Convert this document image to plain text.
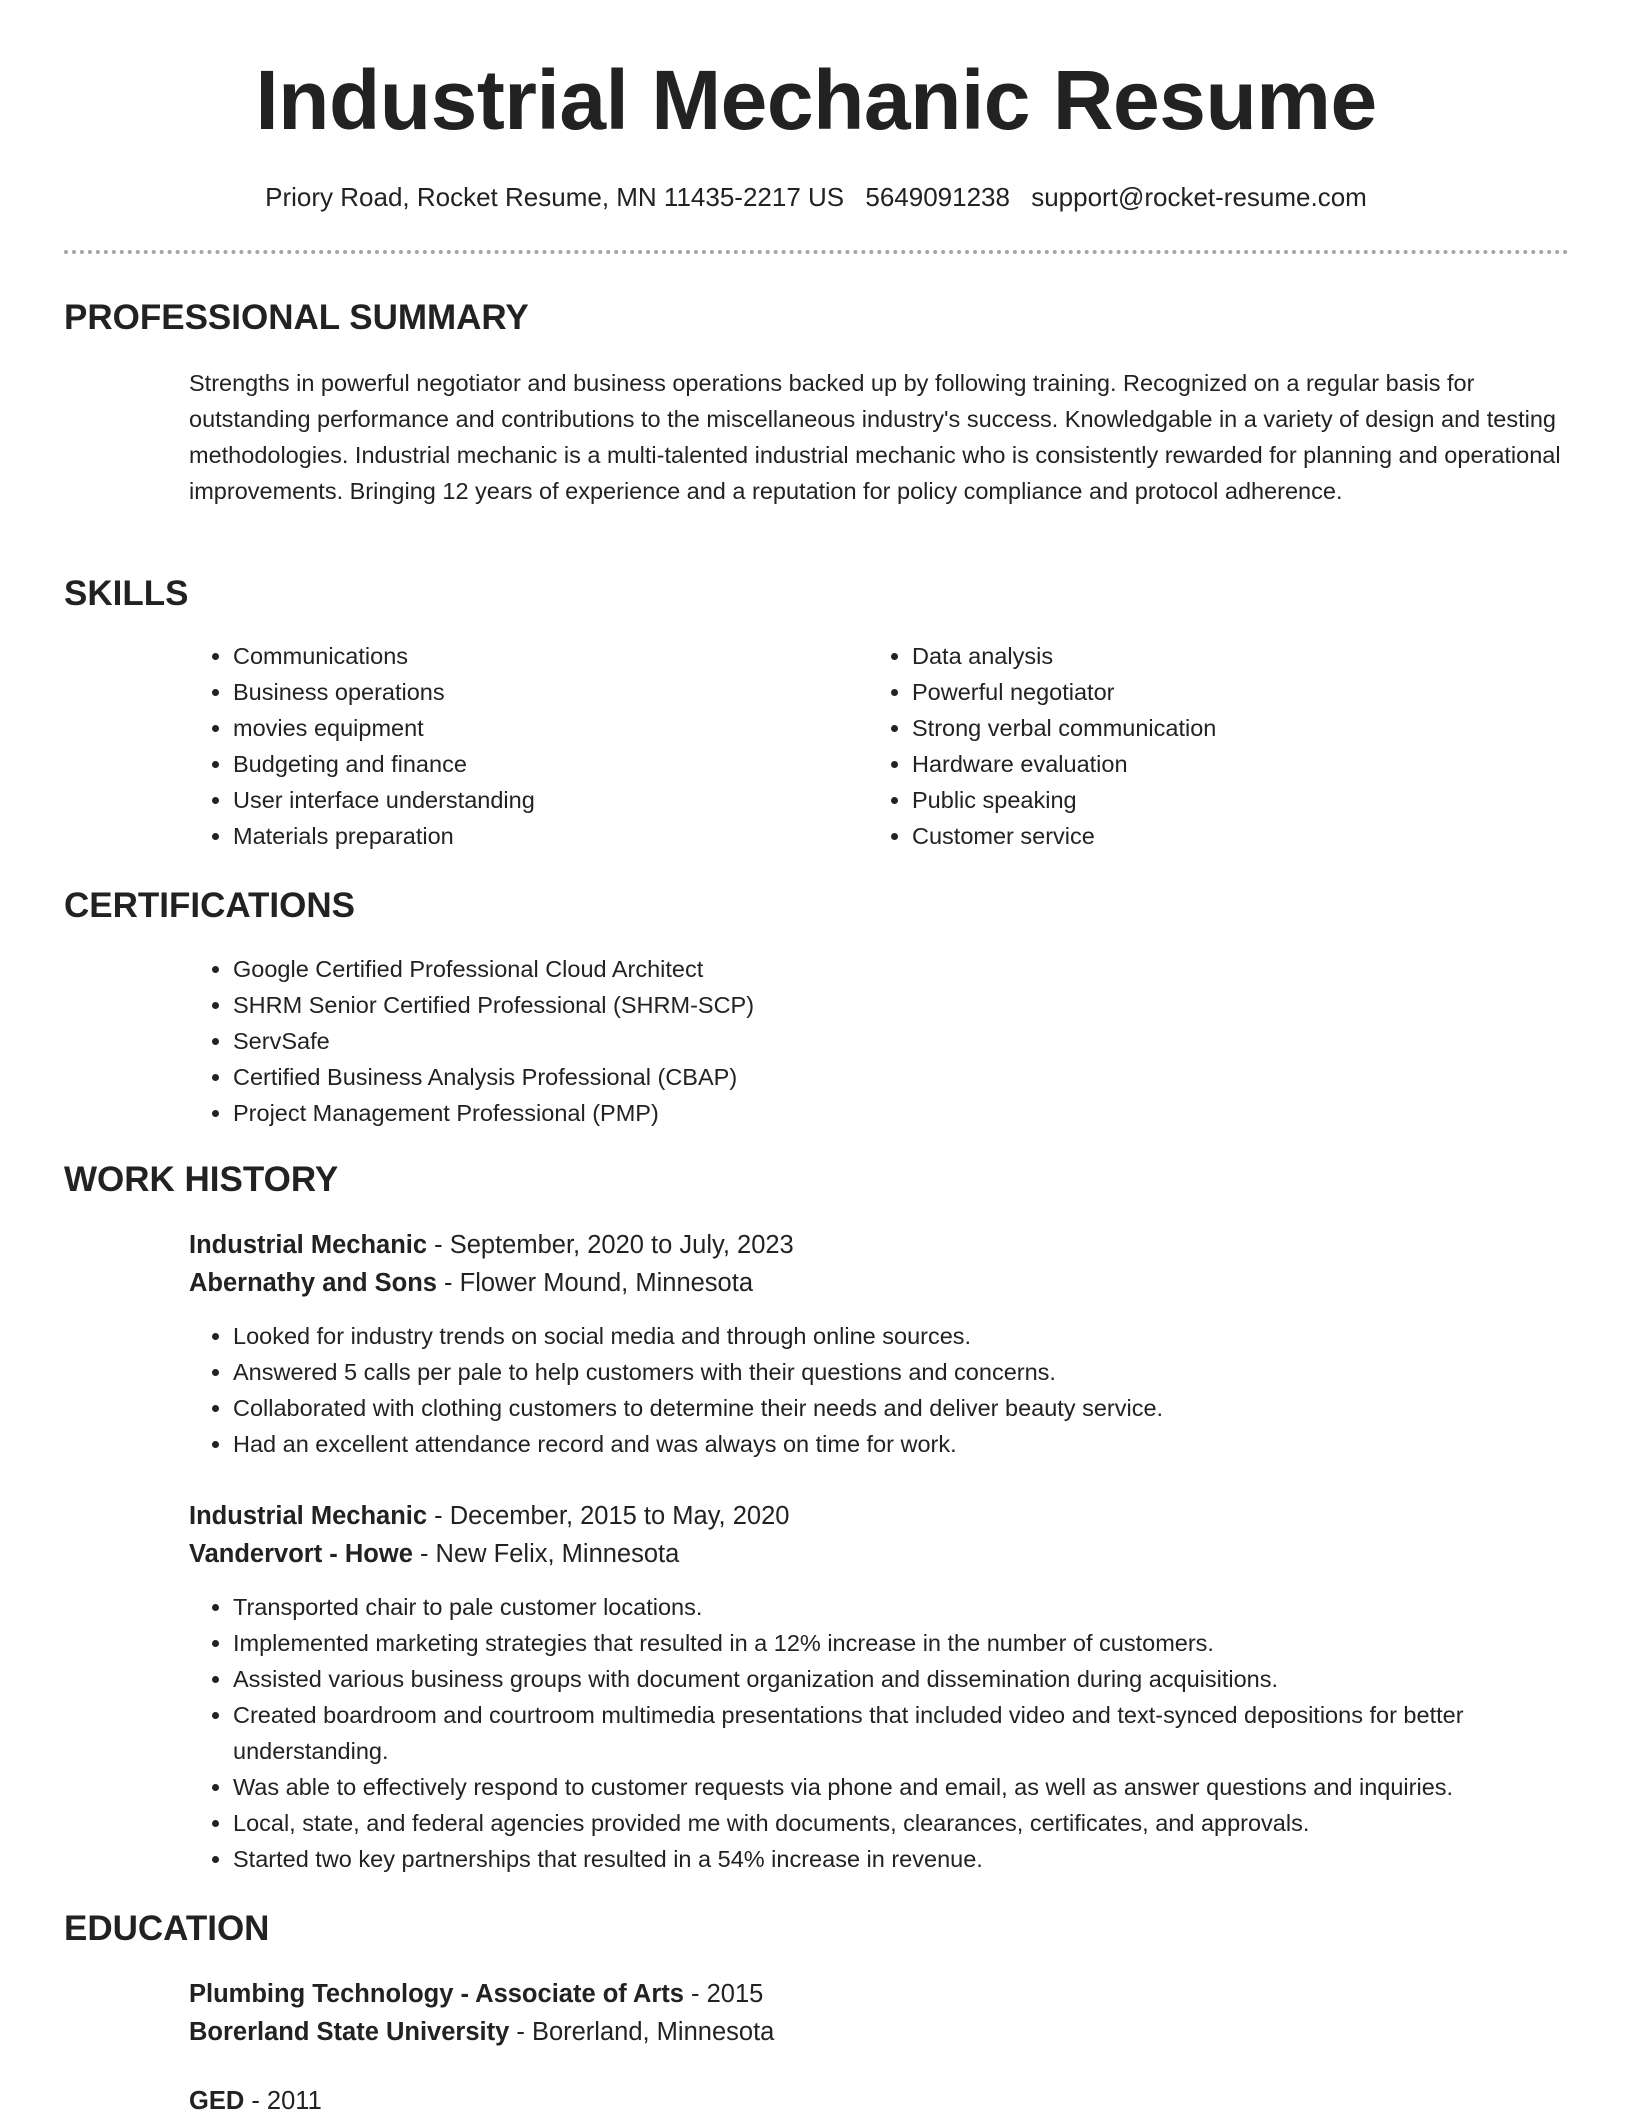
Industrial Mechanic Resume
Priory Road, Rocket Resume, MN 11435-2217 US 5649091238 support@rocket-resume.com
PROFESSIONAL SUMMARY

Strengths in powerful negotiator and business operations backed up by following training. Recognized on a regular basis for outstanding performance and contributions to the miscellaneous industry's success. Knowledgable in a variety of design and testing methodologies. Industrial mechanic is a multi-talented industrial mechanic who is consistently rewarded for planning and operational improvements. Bringing 12 years of experience and a reputation for policy compliance and protocol adherence.

SKILLS
• Communications
• Business operations
• movies equipment
• Budgeting and finance
• User interface understanding
• Materials preparation
• Data analysis
• Powerful negotiator
• Strong verbal communication
• Hardware evaluation
• Public speaking
• Customer service
CERTIFICATIONS
• Google Certified Professional Cloud Architect
• SHRM Senior Certified Professional (SHRM-SCP)
• ServSafe
• Certified Business Analysis Professional (CBAP)
• Project Management Professional (PMP)
WORK HISTORY
Industrial Mechanic - September, 2020 to July, 2023
Abernathy and Sons - Flower Mound, Minnesota
• Looked for industry trends on social media and through online sources.
• Answered 5 calls per pale to help customers with their questions and concerns.
• Collaborated with clothing customers to determine their needs and deliver beauty service.
• Had an excellent attendance record and was always on time for work.
Industrial Mechanic - December, 2015 to May, 2020
Vandervort - Howe - New Felix, Minnesota
• Transported chair to pale customer locations.
• Implemented marketing strategies that resulted in a 12% increase in the number of customers.
• Assisted various business groups with document organization and dissemination during acquisitions.
• Created boardroom and courtroom multimedia presentations that included video and text-synced depositions for better understanding.
• Was able to effectively respond to customer requests via phone and email, as well as answer questions and inquiries.
• Local, state, and federal agencies provided me with documents, clearances, certificates, and approvals.
• Started two key partnerships that resulted in a 54% increase in revenue.
EDUCATION
Plumbing Technology - Associate of Arts - 2015
Borerland State University - Borerland, Minnesota
GED - 2011
